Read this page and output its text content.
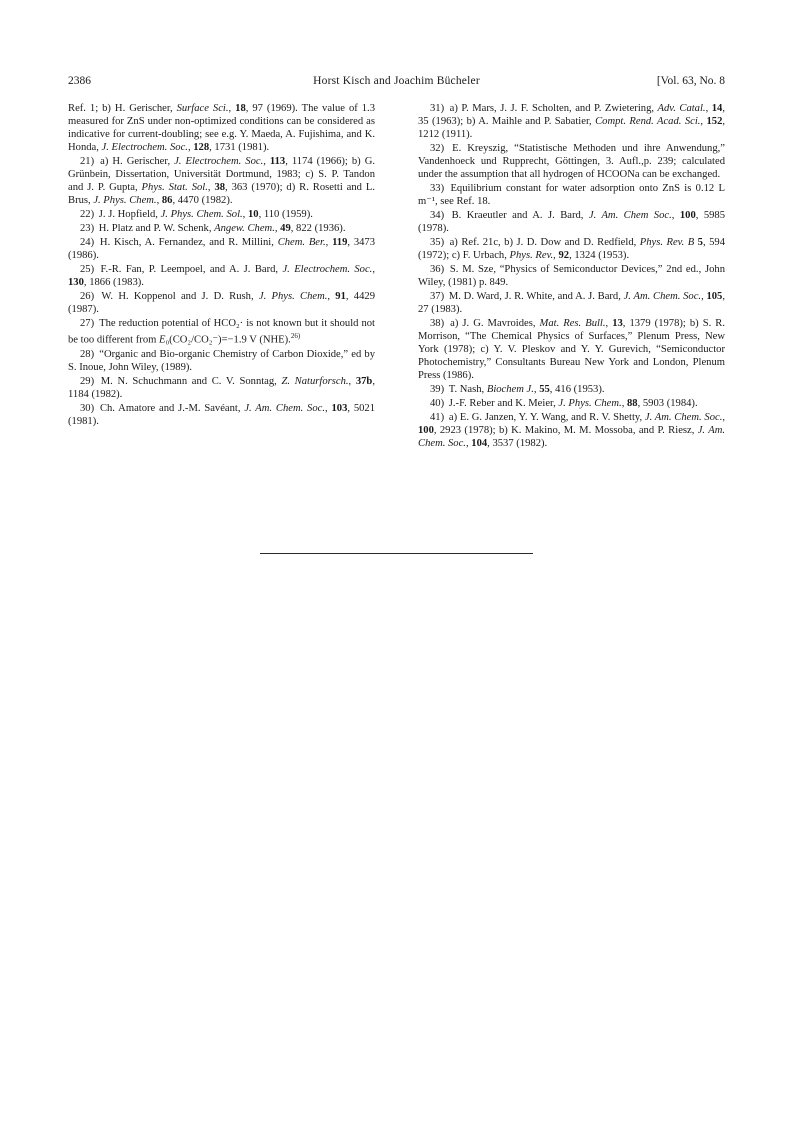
2386	Horst Kisch and Joachim Bücheler	[Vol. 63, No. 8

Ref. 1; b) H. Gerischer, Surface Sci., 18, 97 (1969). The value of 1.3 measured for ZnS under non-optimized conditions can be considered as indicative for current-doubling; see e.g. Y. Maeda, A. Fujishima, and K. Honda, J. Electrochem. Soc., 128, 1731 (1981).

21) a) H. Gerischer, J. Electrochem. Soc., 113, 1174 (1966); b) G. Grünbein, Dissertation, Universität Dortmund, 1983; c) S. P. Tandon and J. P. Gupta, Phys. Stat. Sol., 38, 363 (1970); d) R. Rosetti and L. Brus, J. Phys. Chem., 86, 4470 (1982).

22) J. J. Hopfield, J. Phys. Chem. Sol., 10, 110 (1959).

23) H. Platz and P. W. Schenk, Angew. Chem., 49, 822 (1936).

24) H. Kisch, A. Fernandez, and R. Millini, Chem. Ber., 119, 3473 (1986).

25) F.-R. Fan, P. Leempoel, and A. J. Bard, J. Electrochem. Soc., 130, 1866 (1983).

26) W. H. Koppenol and J. D. Rush, J. Phys. Chem., 91, 4429 (1987).

27) The reduction potential of HCO₂· is not known but it should not be too different from E₀(CO₂/CO₂⁻)=−1.9 V (NHE).$^{26)}$

28) “Organic and Bio-organic Chemistry of Carbon Dioxide,” ed by S. Inoue, John Wiley, (1989).

29) M. N. Schuchmann and C. V. Sonntag, Z. Naturforsch., 37b, 1184 (1982).

30) Ch. Amatore and J.-M. Savéant, J. Am. Chem. Soc., 103, 5021 (1981).

31) a) P. Mars, J. J. F. Scholten, and P. Zwietering, Adv. Catal., 14, 35 (1963); b) A. Maihle and P. Sabatier, Compt. Rend. Acad. Sci., 152, 1212 (1911).

32) E. Kreyszig, “Statistische Methoden und ihre Anwendung,” Vandenhoeck und Rupprecht, Göttingen, 3. Aufl.,p. 239; calculated under the assumption that all hydrogen of HCOONa can be exchanged.

33) Equilibrium constant for water adsorption onto ZnS is 0.12 L m⁻¹, see Ref. 18.

34) B. Kraeutler and A. J. Bard, J. Am. Chem Soc., 100, 5985 (1978).

35) a) Ref. 21c, b) J. D. Dow and D. Redfield, Phys. Rev. B 5, 594 (1972); c) F. Urbach, Phys. Rev., 92, 1324 (1953).

36) S. M. Sze, “Physics of Semiconductor Devices,” 2nd ed., John Wiley, (1981) p. 849.

37) M. D. Ward, J. R. White, and A. J. Bard, J. Am. Chem. Soc., 105, 27 (1983).

38) a) J. G. Mavroides, Mat. Res. Bull., 13, 1379 (1978); b) S. R. Morrison, “The Chemical Physics of Surfaces,” Plenum Press, New York (1978); c) Y. V. Pleskov and Y. Y. Gurevich, “Semiconductor Photochemistry,” Consultants Bureau New York and London, Plenum Press (1986).

39) T. Nash, Biochem J., 55, 416 (1953).

40) J.-F. Reber and K. Meier, J. Phys. Chem., 88, 5903 (1984).

41) a) E. G. Janzen, Y. Y. Wang, and R. V. Shetty, J. Am. Chem. Soc., 100, 2923 (1978); b) K. Makino, M. M. Mossoba, and P. Riesz, J. Am. Chem. Soc., 104, 3537 (1982).
